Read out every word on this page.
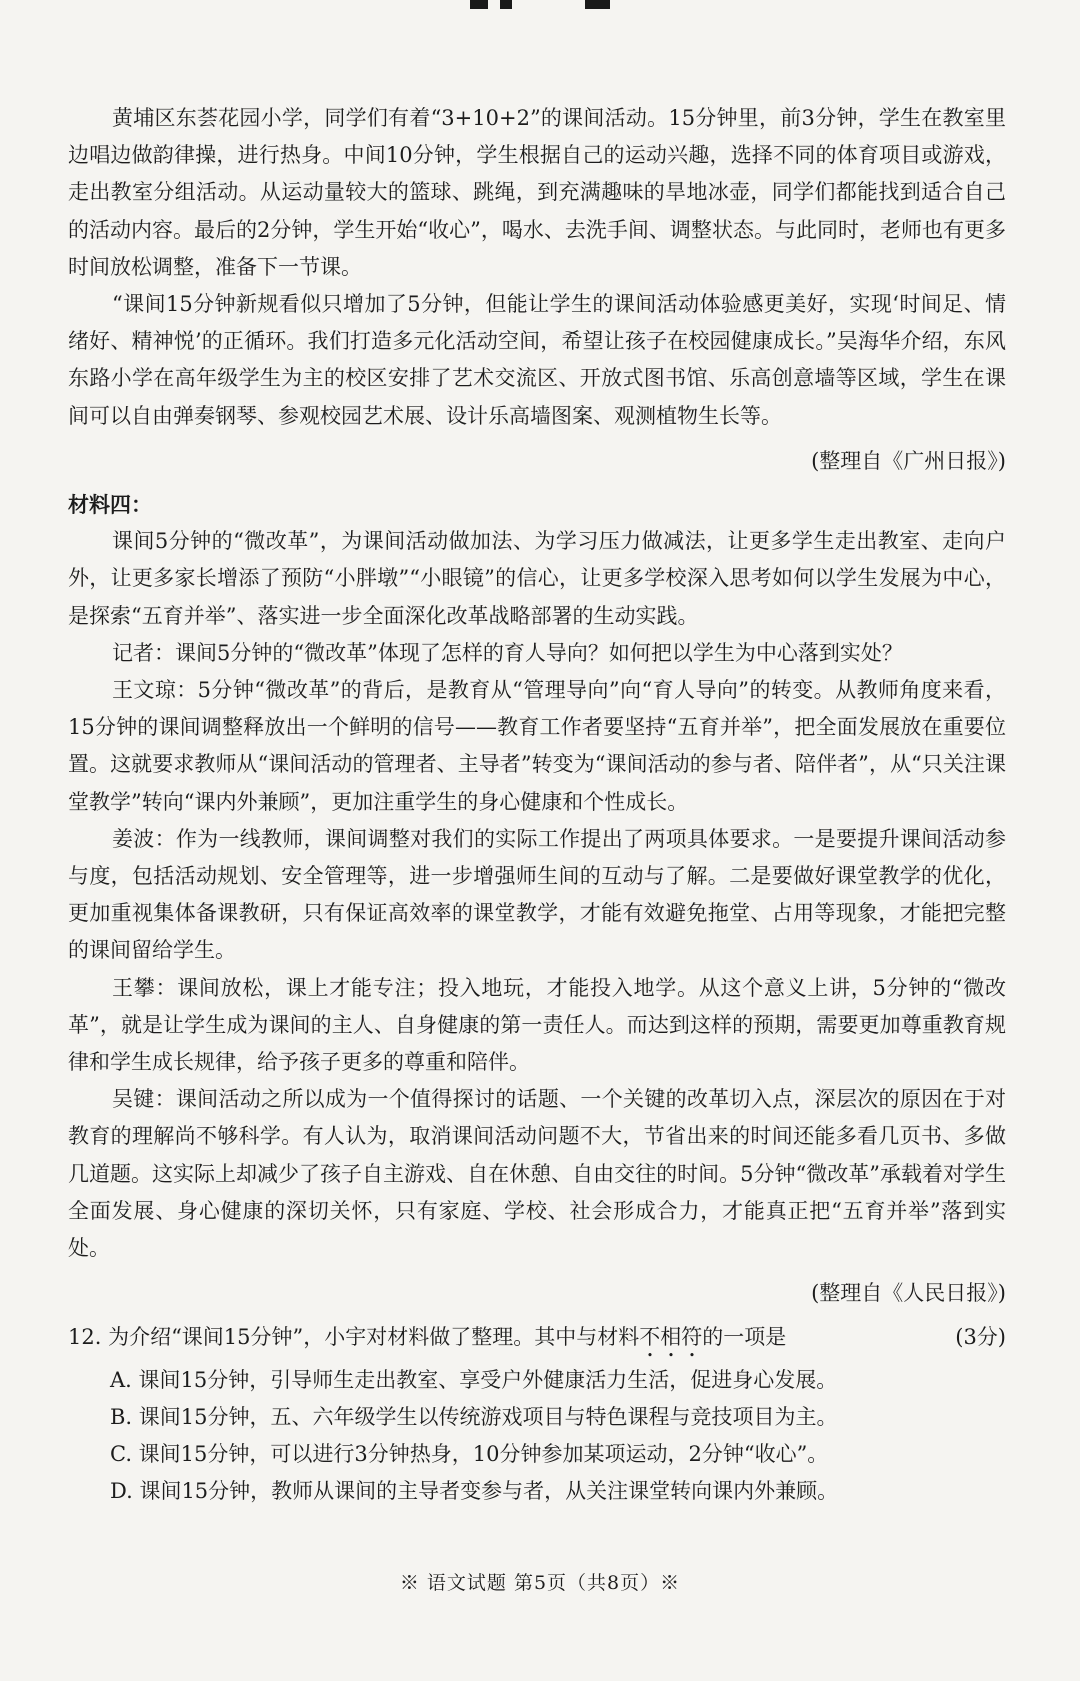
黄埔区东荟花园小学，同学们有着“3+10+2”的课间活动。15分钟里，前3分钟，学生在教室里边唱边做韵律操，进行热身。中间10分钟，学生根据自己的运动兴趣，选择不同的体育项目或游戏，走出教室分组活动。从运动量较大的篮球、跳绳，到充满趣味的旱地冰壶，同学们都能找到适合自己的活动内容。最后的2分钟，学生开始“收心”，喝水、去洗手间、调整状态。与此同时，老师也有更多时间放松调整，准备下一节课。

“课间15分钟新规看似只增加了5分钟，但能让学生的课间活动体验感更美好，实现‘时间足、情绪好、精神悦’的正循环。我们打造多元化活动空间，希望让孩子在校园健康成长。”吴海华介绍，东风东路小学在高年级学生为主的校区安排了艺术交流区、开放式图书馆、乐高创意墙等区域，学生在课间可以自由弹奏钢琴、参观校园艺术展、设计乐高墙图案、观测植物生长等。

(整理自《广州日报》)

材料四：

课间5分钟的“微改革”，为课间活动做加法、为学习压力做减法，让更多学生走出教室、走向户外，让更多家长增添了预防“小胖墩”“小眼镜”的信心，让更多学校深入思考如何以学生发展为中心，是探索“五育并举”、落实进一步全面深化改革战略部署的生动实践。

记者：课间5分钟的“微改革”体现了怎样的育人导向？如何把以学生为中心落到实处？

王文琼：5分钟“微改革”的背后，是教育从“管理导向”向“育人导向”的转变。从教师角度来看，15分钟的课间调整释放出一个鲜明的信号——教育工作者要坚持“五育并举”，把全面发展放在重要位置。这就要求教师从“课间活动的管理者、主导者”转变为“课间活动的参与者、陪伴者”，从“只关注课堂教学”转向“课内外兼顾”，更加注重学生的身心健康和个性成长。

姜波：作为一线教师，课间调整对我们的实际工作提出了两项具体要求。一是要提升课间活动参与度，包括活动规划、安全管理等，进一步增强师生间的互动与了解。二是要做好课堂教学的优化，更加重视集体备课教研，只有保证高效率的课堂教学，才能有效避免拖堂、占用等现象，才能把完整的课间留给学生。

王攀：课间放松，课上才能专注；投入地玩，才能投入地学。从这个意义上讲，5分钟的“微改革”，就是让学生成为课间的主人、自身健康的第一责任人。而达到这样的预期，需要更加尊重教育规律和学生成长规律，给予孩子更多的尊重和陪伴。

吴键：课间活动之所以成为一个值得探讨的话题、一个关键的改革切入点，深层次的原因在于对教育的理解尚不够科学。有人认为，取消课间活动问题不大，节省出来的时间还能多看几页书、多做几道题。这实际上却减少了孩子自主游戏、自在休憩、自由交往的时间。5分钟“微改革”承载着对学生全面发展、身心健康的深切关怀，只有家庭、学校、社会形成合力，才能真正把“五育并举”落到实处。

(整理自《人民日报》)

12. 为介绍“课间15分钟”，小宇对材料做了整理。其中与材料不相符的一项是	(3分)

A. 课间15分钟，引导师生走出教室、享受户外健康活力生活，促进身心发展。

B. 课间15分钟，五、六年级学生以传统游戏项目与特色课程与竞技项目为主。

C. 课间15分钟，可以进行3分钟热身，10分钟参加某项运动，2分钟“收心”。

D. 课间15分钟，教师从课间的主导者变参与者，从关注课堂转向课内外兼顾。

※ 语文试题 第5页（共8页）※
